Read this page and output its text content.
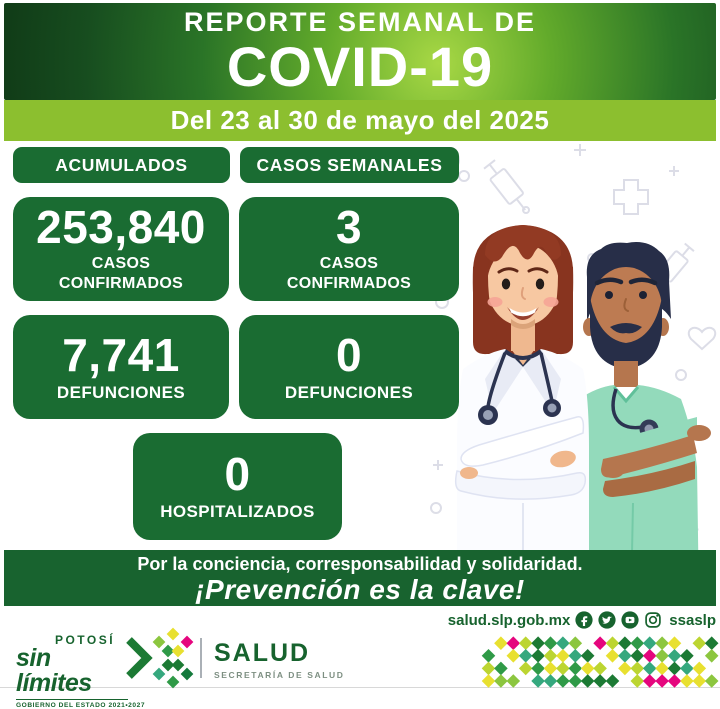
REPORTE SEMANAL DE
COVID-19
Del 23 al 30 de mayo del 2025
ACUMULADOS	CASOS SEMANALES
253,840
CASOS
CONFIRMADOS
3
CASOS
CONFIRMADOS
7,741
DEFUNCIONES
0
DEFUNCIONES
0
HOSPITALIZADOS
Por la conciencia, corresponsabilidad y solidaridad.
¡Prevención es la clave!
salud.slp.gob.mx	ssaslp
POTOSÍ
sin límites
GOBIERNO DEL ESTADO 2021•2027
SALUD
SECRETARÍA DE SALUD
